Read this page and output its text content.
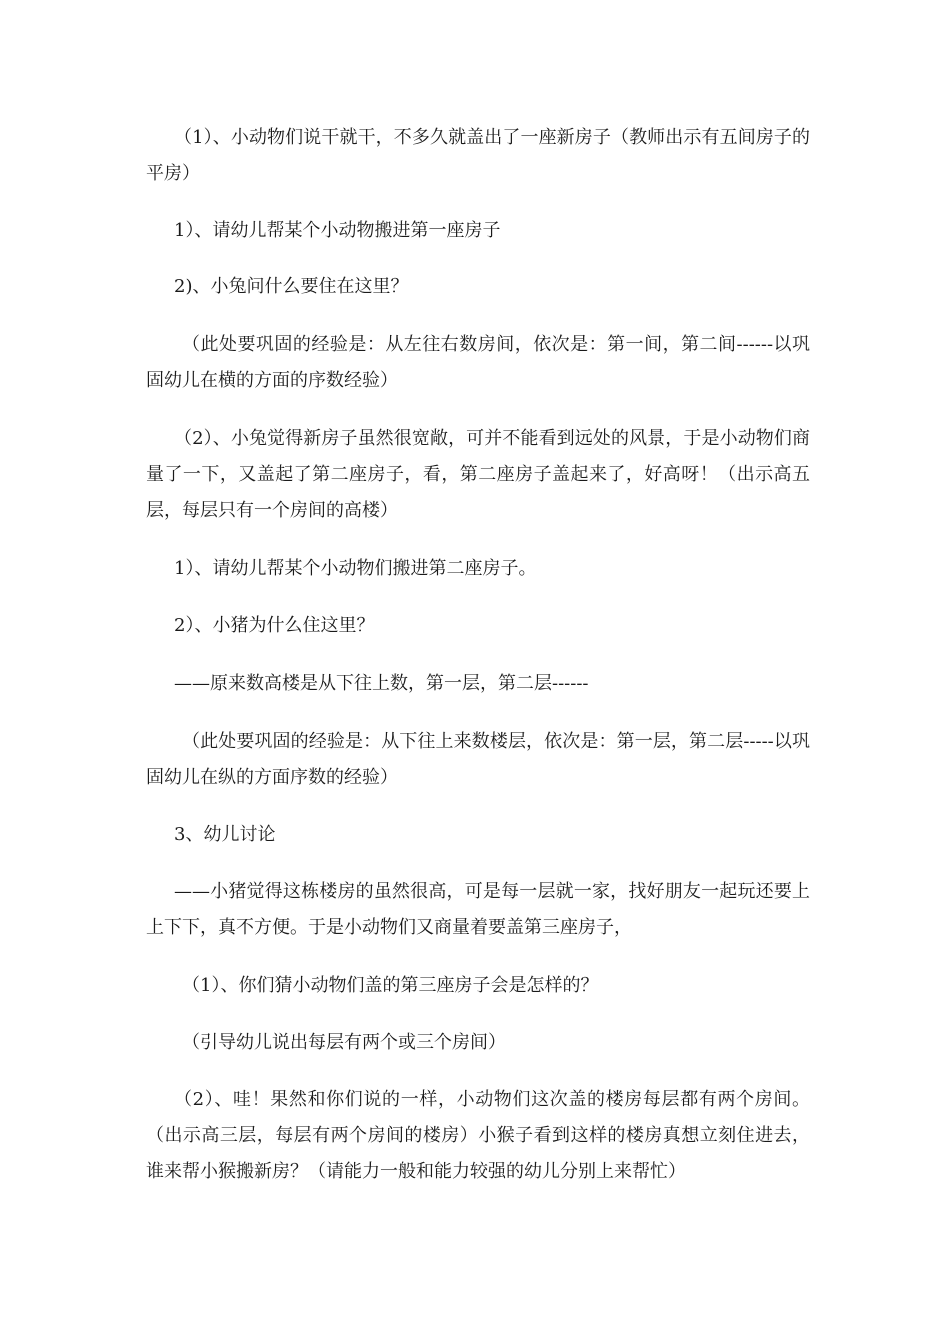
（1）、小动物们说干就干，不多久就盖出了一座新房子（教师出示有五间房子的平房）

1）、请幼儿帮某个小动物搬进第一座房子

2)、小兔问什么要住在这里？

（此处要巩固的经验是：从左往右数房间，依次是：第一间，第二间------以巩固幼儿在横的方面的序数经验）

（2）、小兔觉得新房子虽然很宽敞，可并不能看到远处的风景，于是小动物们商量了一下，又盖起了第二座房子，看，第二座房子盖起来了，好高呀！（出示高五层，每层只有一个房间的高楼）

1）、请幼儿帮某个小动物们搬进第二座房子。

2）、小猪为什么住这里？

——原来数高楼是从下往上数，第一层，第二层------

（此处要巩固的经验是：从下往上来数楼层，依次是：第一层，第二层-----以巩固幼儿在纵的方面序数的经验）

3、幼儿讨论

——小猪觉得这栋楼房的虽然很高，可是每一层就一家，找好朋友一起玩还要上上下下，真不方便。于是小动物们又商量着要盖第三座房子，

（1）、你们猜小动物们盖的第三座房子会是怎样的？

（引导幼儿说出每层有两个或三个房间）

（2）、哇！果然和你们说的一样，小动物们这次盖的楼房每层都有两个房间。（出示高三层，每层有两个房间的楼房）小猴子看到这样的楼房真想立刻住进去，谁来帮小猴搬新房？（请能力一般和能力较强的幼儿分别上来帮忙）
